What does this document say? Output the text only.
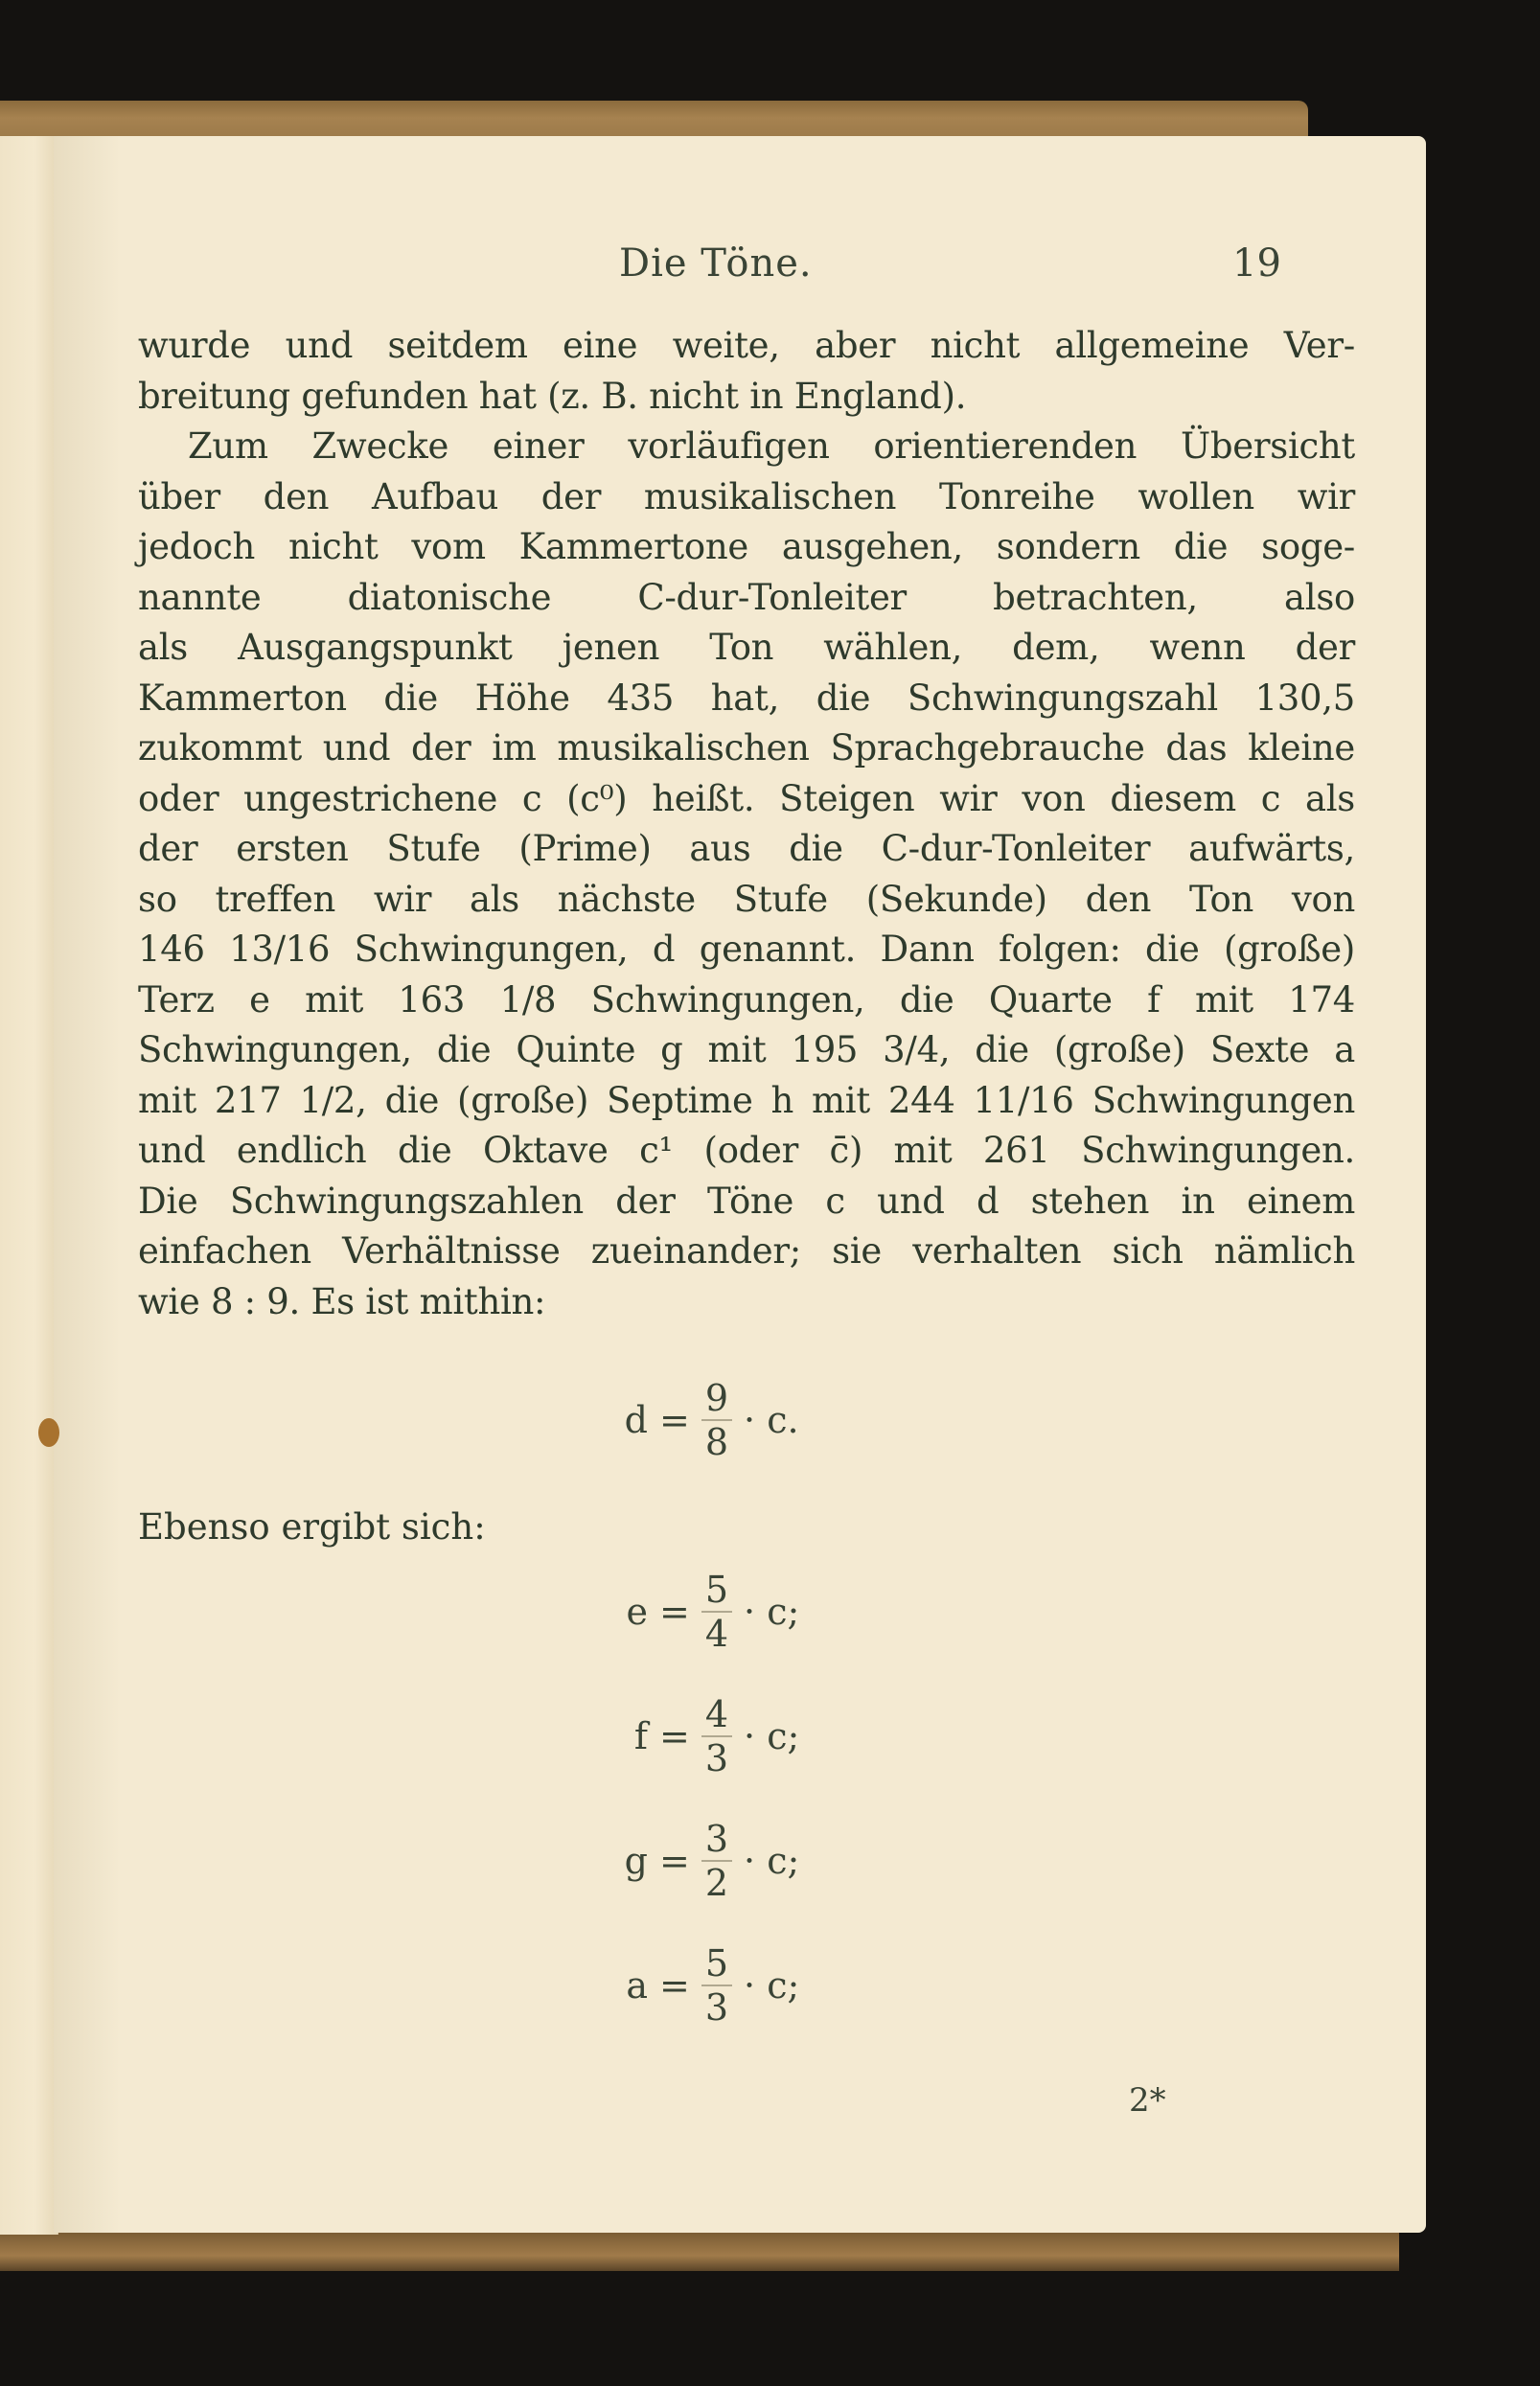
Die Töne.	19
wurde und seitdem eine weite, aber nicht allgemeine Ver-
breitung gefunden hat (z. B. nicht in England).
Zum Zwecke einer vorläufigen orientierenden Übersicht
über den Aufbau der musikalischen Tonreihe wollen wir
jedoch nicht vom Kammertone ausgehen, sondern die soge-
nannte diatonische C-dur-Tonleiter betrachten, also
als Ausgangspunkt jenen Ton wählen, dem, wenn der
Kammerton die Höhe 435 hat, die Schwingungszahl 130,5
zukommt und der im musikalischen Sprachgebrauche das kleine
oder ungestrichene c (c⁰) heißt. Steigen wir von diesem c als
der ersten Stufe (Prime) aus die C-dur-Tonleiter aufwärts,
so treffen wir als nächste Stufe (Sekunde) den Ton von
146 13/16 Schwingungen, d genannt. Dann folgen: die (große)
Terz e mit 163 1/8 Schwingungen, die Quarte f mit 174
Schwingungen, die Quinte g mit 195 3/4, die (große) Sexte a
mit 217 1/2, die (große) Septime h mit 244 11/16 Schwingungen
und endlich die Oktave c¹ (oder c̄) mit 261 Schwingungen.
Die Schwingungszahlen der Töne c und d stehen in einem
einfachen Verhältnisse zueinander; sie verhalten sich nämlich
wie 8 : 9. Es ist mithin:
$d = \frac{9}{8} \cdot c$.
Ebenso ergibt sich:
$e = \frac{5}{4} \cdot c$;
$f = \frac{4}{3} \cdot c$;
$g = \frac{3}{2} \cdot c$;
$a = \frac{5}{3} \cdot c$;
2*
